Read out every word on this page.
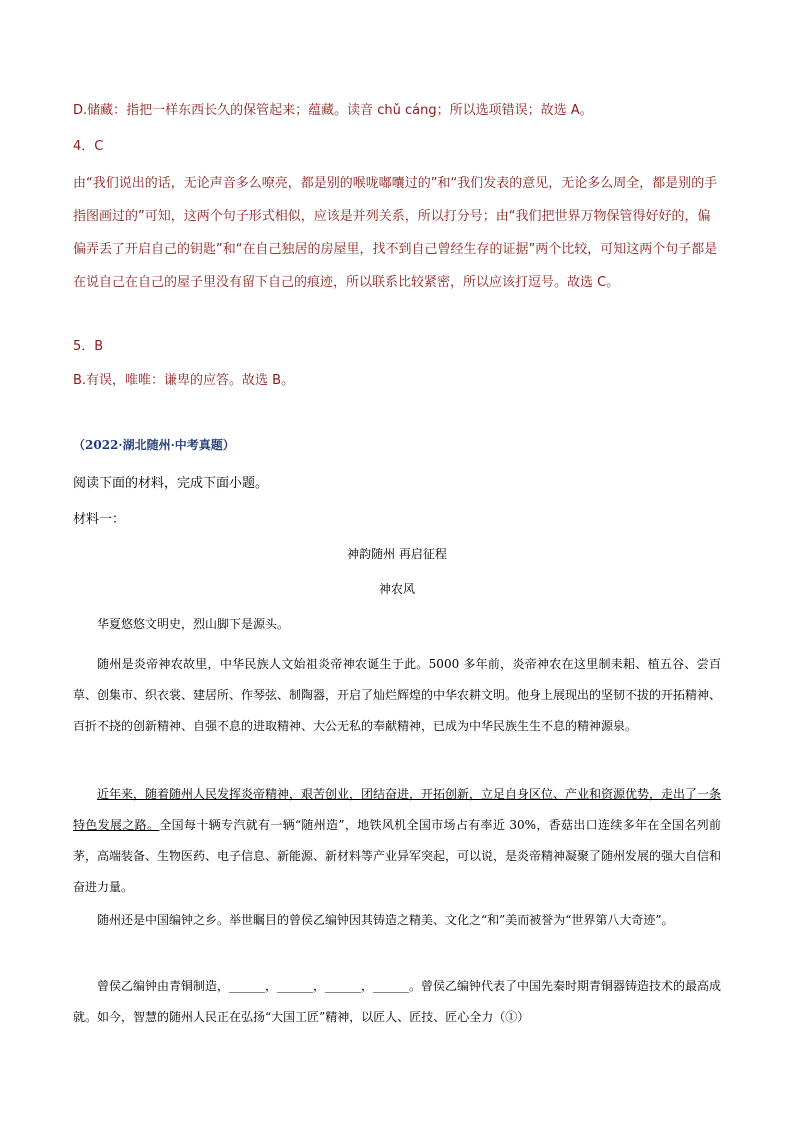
D.储藏：指把一样东西长久的保管起来；蕴藏。读音 chǔ cáng；所以选项错误；故选 A。
4．C
由“我们说出的话，无论声音多么嘹亮，都是别的喉咙嘟囔过的”和“我们发表的意见，无论多么周全，都是别的手指图画过的”可知，这两个句子形式相似，应该是并列关系，所以打分号；由“我们把世界万物保管得好好的，偏偏弄丢了开启自己的钥匙”和“在自己独居的房屋里，找不到自己曾经生存的证据”两个比较，可知这两个句子都是在说自己在自己的屋子里没有留下自己的痕迹，所以联系比较紧密，所以应该打逗号。故选 C。
5．B
B.有误，唯唯：谦卑的应答。故选 B。
（2022·湖北随州·中考真题）
阅读下面的材料，完成下面小题。
材料一：
神韵随州 再启征程
神农风
华夏悠悠文明史，烈山脚下是源头。
随州是炎帝神农故里，中华民族人文始祖炎帝神农诞生于此。5000 多年前，炎帝神农在这里制耒耜、植五谷、尝百草、创集市、织衣裳、建居所、作琴弦、制陶器，开启了灿烂辉煌的中华农耕文明。他身上展现出的坚韧不拔的开拓精神、百折不挠的创新精神、自强不息的进取精神、大公无私的奉献精神，已成为中华民族生生不息的精神源泉。
近年来，随着随州人民发挥炎帝精神，艰苦创业，团结奋进，开拓创新，立足自身区位、产业和资源优势，走出了一条特色发展之路。全国每十辆专汽就有一辆“随州造”，地铁风机全国市场占有率近 30%，香菇出口连续多年在全国名列前茅，高端装备、生物医药、电子信息、新能源、新材料等产业异军突起，可以说，是炎帝精神凝聚了随州发展的强大自信和奋进力量。
随州还是中国编钟之乡。举世瞩目的曾侯乙编钟因其铸造之精美、文化之“和”美而被誉为“世界第八大奇迹”。
曾侯乙编钟由青铜制造，______，______，______，______。曾侯乙编钟代表了中国先秦时期青铜器铸造技术的最高成就。如今，智慧的随州人民正在弘扬“大国工匠”精神，以匠人、匠技、匠心全力（①）
